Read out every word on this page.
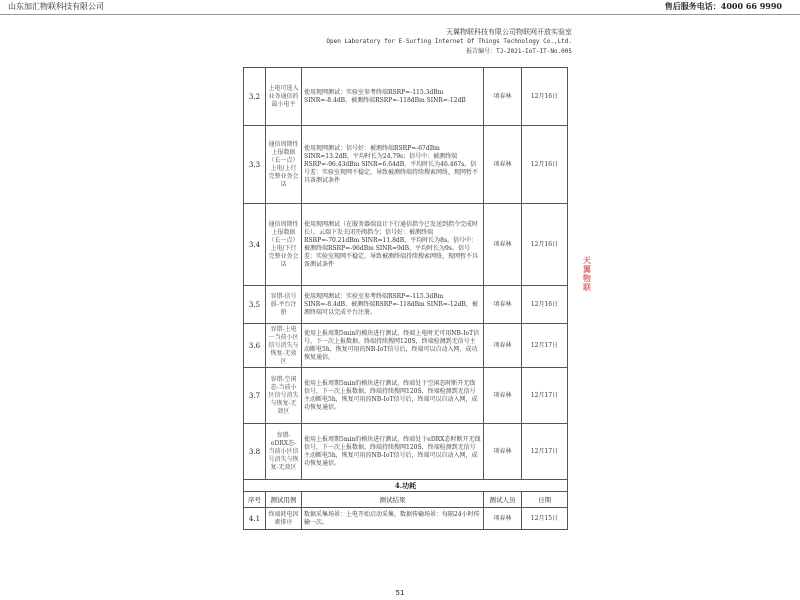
山东加汇物联科技有限公司	售后服务电话：4000 66 9990
天翼物联科技有限公司物联网开放实验室
Open Laboratory for E-Surfing Internet Of Things Technology Co.,Ltd.
报告编号：TJ-2021-IoT-IT-No.005
3.2	上电可选入业务通信的最小电平	使用现网测试：实验室参考终端RSRP=-115.3dBm SINR=-8.4dB，被测终端RSRP=-118dBm SINR=-12dB	项春林	12月16日
3.3	通信周期性上报数据（长一点）上电/上行完整业务会话	使用现网测试：信号好：被测终端RSRP=-67dBm SINR=13.2dB，平均时长为24.79s；信号中：被测终端RSRP=-96.43dBm SINR=6.64dB，平均时长为46.467s。信号差：实验室现网不稳定，导致被测终端持续搜索网络，现网暂不具备测试条件	项春林	12月16日
3.4	通信周期性上报数据（长一点）上电/下行完整业务会话	使用现网测试（在服务器端设计下行通信指令已发送到指令完成时长），云端下发关闭开阀指令；信号好：被测终端RSRP=-70.21dBm SINR=11.8dB，平均时长为8s。信号中：被测终端RSRP=-96dBm SINR=9dB，平均时长为9s。信号差：实验室现网不稳定，导致被测终端持续搜索网络，现网暂不具备测试条件	项春林	12月16日
3.5	容错-信号弱-平台注册	使用现网测试：实验室参考终端RSRP=-115.3dBm SINR=-8.4dB，被测终端RSRP=-118dBm SINR=-12dB，被测终端可以完成平台注册。	项春林	12月16日
3.6	容错-上电一当前小区信号消失与恢复-无效区	使用上报周期5min的模块进行测试，终端上电时无可用NB-IoT信号，下一次上报数据，终端持续搜网120S，终端检测到无信号主动断电5h，恢复可用的NB-IoT信号后，终端可以自动入网，成功恢复通信。	项春林	12月17日
3.7	容错-空闲态-当前小区信号消失与恢复-无效区	使用上报周期5min的模块进行测试，终端处于空闲态时断开无线信号，下一次上报数据，终端持续搜网120S，终端检测到无信号主动断电5h，恢复可用的NB-IoT信号后，终端可以自动入网，成功恢复通信。	项春林	12月17日
3.8	容错-eDRX态-当前小区信号消失与恢复-无效区	使用上报周期5min的模块进行测试，终端处于eDRX态时断开无线信号，下一次上报数据，终端持续搜网120S，终端检测到无信号主动断电5h，恢复可用的NB-IoT信号后，终端可以自动入网，成功恢复通信。	项春林	12月17日
4.功耗				
序号	测试用例	测试结果	测试人员	日期
4.1	终端耗电因素排序	数据采集场景：上电开始启动采集，数据传输场景：每隔24小时传输一次。	项春林	12月15日
天翼物联
51
